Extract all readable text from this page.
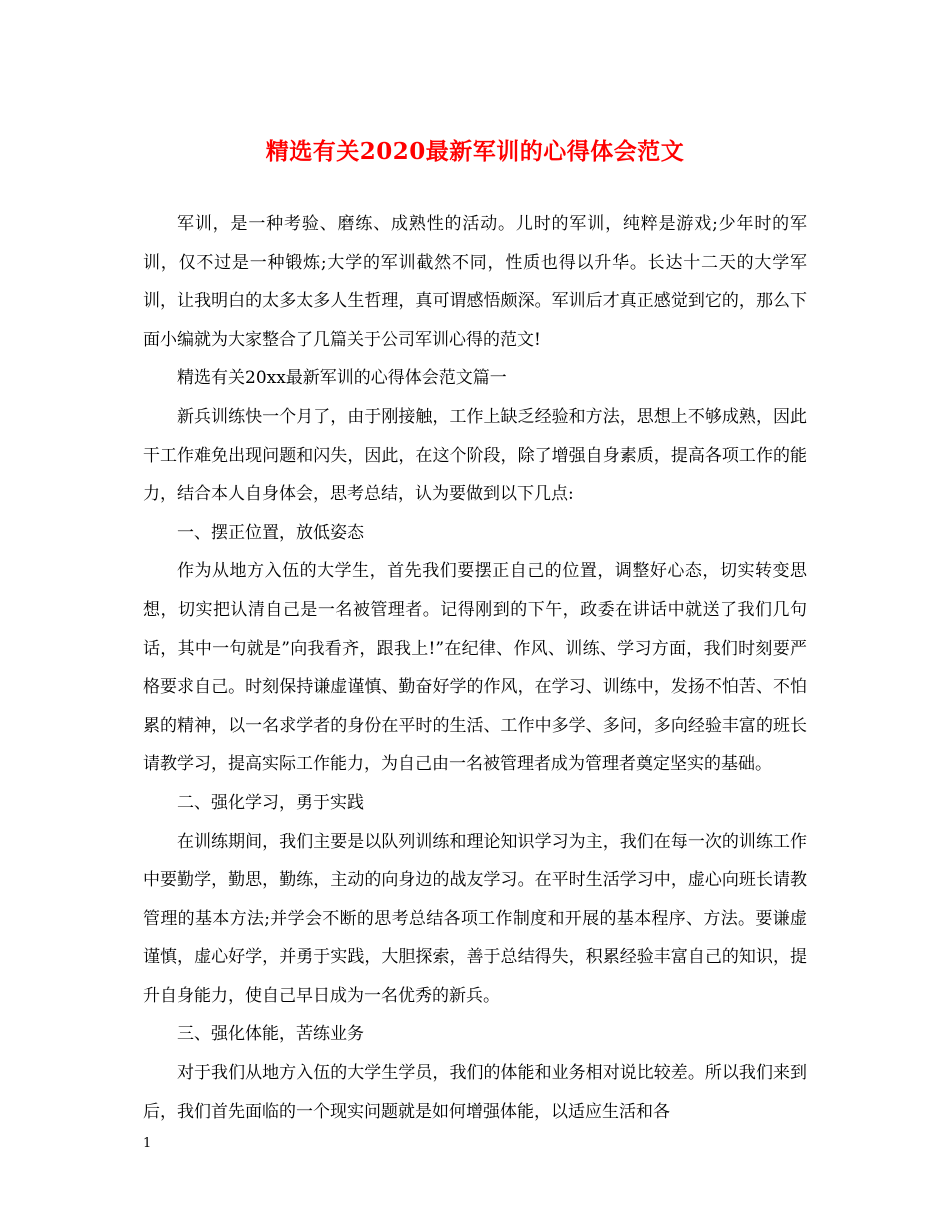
精选有关2020最新军训的心得体会范文

军训，是一种考验、磨练、成熟性的活动。儿时的军训，纯粹是游戏;少年时的军训，仅不过是一种锻炼;大学的军训截然不同，性质也得以升华。长达十二天的大学军训，让我明白的太多太多人生哲理，真可谓感悟颇深。军训后才真正感觉到它的，那么下面小编就为大家整合了几篇关于公司军训心得的范文!

精选有关20xx最新军训的心得体会范文篇一

新兵训练快一个月了，由于刚接触，工作上缺乏经验和方法，思想上不够成熟，因此干工作难免出现问题和闪失，因此，在这个阶段，除了增强自身素质，提高各项工作的能力，结合本人自身体会，思考总结，认为要做到以下几点:

一、摆正位置，放低姿态

作为从地方入伍的大学生，首先我们要摆正自己的位置，调整好心态，切实转变思想，切实把认清自己是一名被管理者。记得刚到的下午，政委在讲话中就送了我们几句话，其中一句就是”向我看齐，跟我上!”在纪律、作风、训练、学习方面，我们时刻要严格要求自己。时刻保持谦虚谨慎、勤奋好学的作风，在学习、训练中，发扬不怕苦、不怕累的精神，以一名求学者的身份在平时的生活、工作中多学、多问，多向经验丰富的班长请教学习，提高实际工作能力，为自己由一名被管理者成为管理者奠定坚实的基础。

二、强化学习，勇于实践

在训练期间，我们主要是以队列训练和理论知识学习为主，我们在每一次的训练工作中要勤学，勤思，勤练，主动的向身边的战友学习。在平时生活学习中，虚心向班长请教管理的基本方法;并学会不断的思考总结各项工作制度和开展的基本程序、方法。要谦虚谨慎，虚心好学，并勇于实践，大胆探索，善于总结得失，积累经验丰富自己的知识，提升自身能力，使自己早日成为一名优秀的新兵。

三、强化体能，苦练业务

对于我们从地方入伍的大学生学员，我们的体能和业务相对说比较差。所以我们来到后，我们首先面临的一个现实问题就是如何增强体能，以适应生活和各

1
